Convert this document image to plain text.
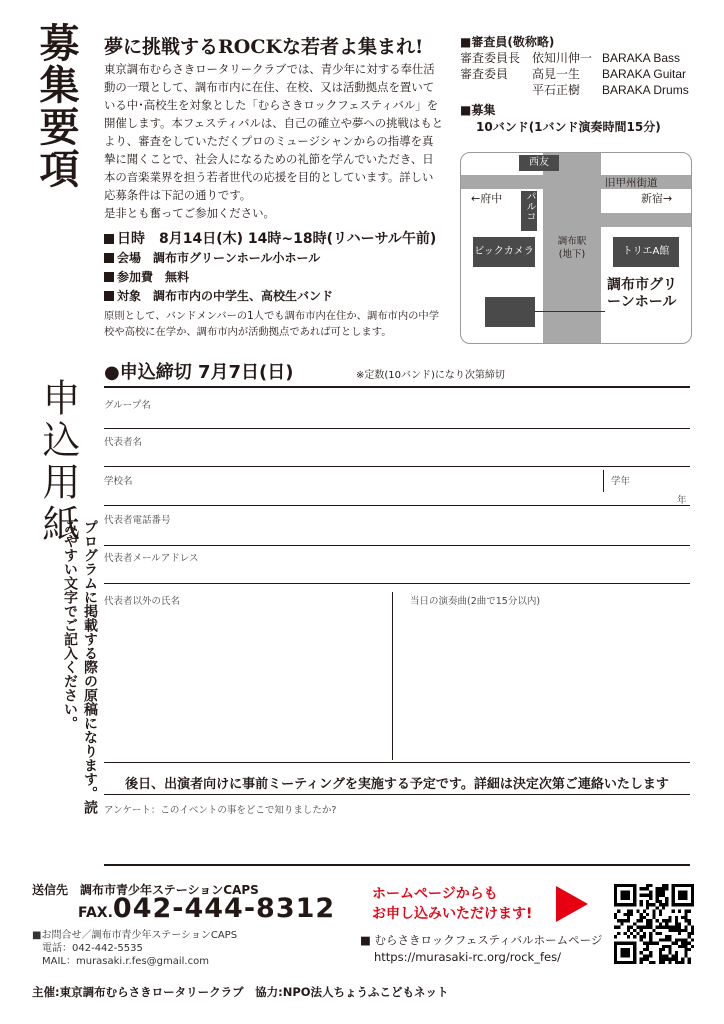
募集要項
申込用紙
プログラムに掲載する際の原稿になります。読みやすい文字でご記入ください。
夢に挑戦するROCKな若者よ集まれ!

東京調布むらさきロータリークラブでは、青少年に対する奉仕活動の一環として、調布市内に在住、在校、又は活動拠点を置いている中･高校生を対象とした「むらさきロックフェスティバル」を開催します。本フェスティバルは、自己の確立や夢への挑戦はもとより、審査をしていただくプロのミュージシャンからの指導を真摯に聞くことで、社会人になるための礼節を学んでいただき、日本の音楽業界を担う若者世代の応援を目的としています。詳しい応募条件は下記の通りです。

是非とも奮ってご参加ください。

日時　 8月14日(木) 14時~18時(リハーサル午前)
会場　 調布市グリーンホール小ホール
参加費　 無料
対象　 調布市内の中学生、高校生バンド
原則として、バンドメンバーの1人でも調布市内在住か、調布市内の中学校や高校に在学か、調布市内が活動拠点であれば可とします。
■審査員(敬称略)
審査委員長 依知川伸一 BARAKA Bass
審査委員	高見一生	BARAKA Guitar
平石正樹	BARAKA Drums
■募集
10バンド(1バンド演奏時間15分)
西友
パルコ
ビックカメラ	トリエA館
旧甲州街道
←府中	新宿→
調布駅
(地下)
調布市グリーンホール
●申込締切 7月7日(日)	※定数(10バンド)になり次第締切
グループ名
代表者名
学校名	学年
年
代表者電話番号
代表者メールアドレス
代表者以外の氏名	当日の演奏曲(2曲で15分以内)
後日、出演者向けに事前ミーティングを実施する予定です。詳細は決定次第ご連絡いたします
アンケート：このイベントの事をどこで知りましたか?
送信先　調布市青少年ステーションCAPS
FAX.042-444-8312
■お問合せ／調布市青少年ステーションCAPS
電話：042-442-5535
MAIL：murasaki.r.fes@gmail.com
ホームページからも
お申し込みいただけます!
■ むらさきロックフェスティバルホームページ
https://murasaki-rc.org/rock_fes/
主催:東京調布むらさきロータリークラブ　協力:NPO法人ちょうふこどもネット
